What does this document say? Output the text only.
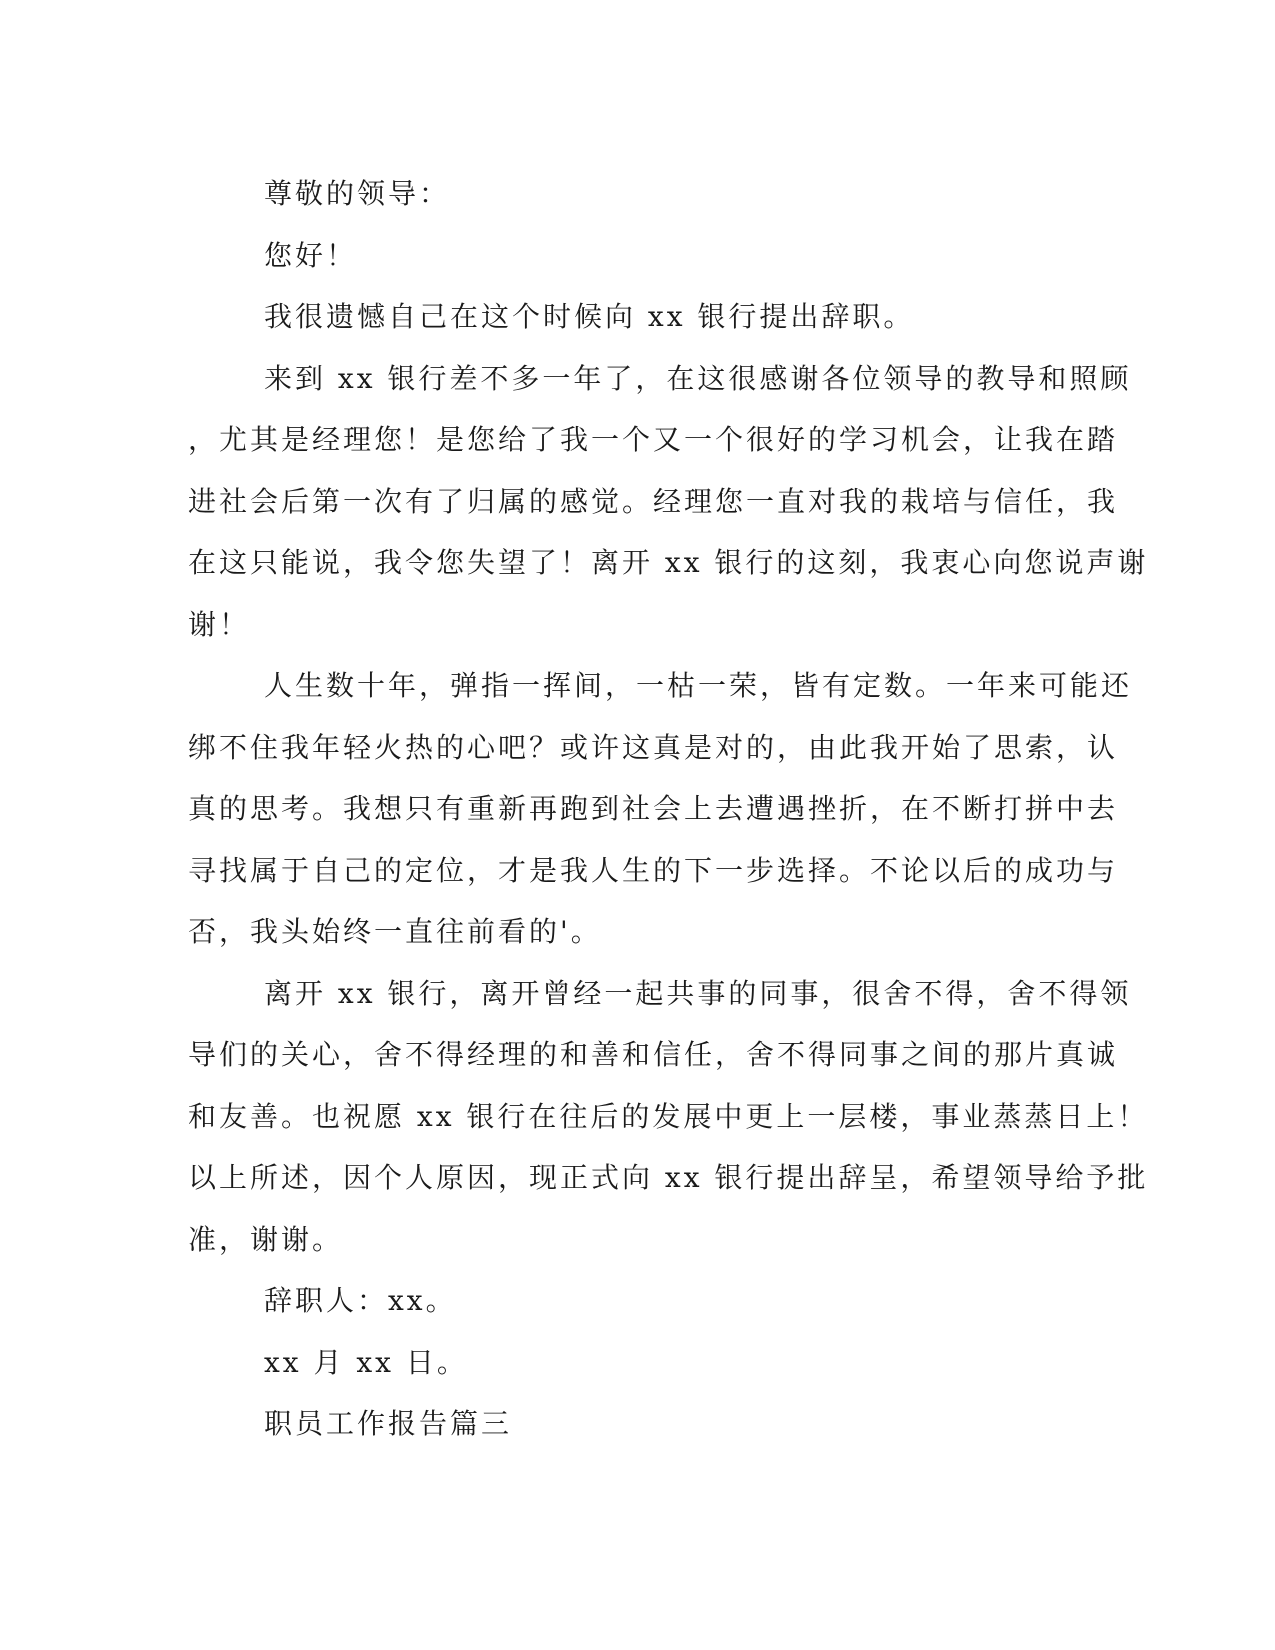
尊敬的领导：
您好！
我很遗憾自己在这个时候向 xx 银行提出辞职。
来到 xx 银行差不多一年了，在这很感谢各位领导的教导和照顾
，尤其是经理您！是您给了我一个又一个很好的学习机会，让我在踏
进社会后第一次有了归属的感觉。经理您一直对我的栽培与信任，我
在这只能说，我令您失望了！离开 xx 银行的这刻，我衷心向您说声谢
谢！
人生数十年，弹指一挥间，一枯一荣，皆有定数。一年来可能还
绑不住我年轻火热的心吧？或许这真是对的，由此我开始了思索，认
真的思考。我想只有重新再跑到社会上去遭遇挫折，在不断打拼中去
寻找属于自己的定位，才是我人生的下一步选择。不论以后的成功与
否，我头始终一直往前看的'。
离开 xx 银行，离开曾经一起共事的同事，很舍不得，舍不得领
导们的关心，舍不得经理的和善和信任，舍不得同事之间的那片真诚
和友善。也祝愿 xx 银行在往后的发展中更上一层楼，事业蒸蒸日上！
以上所述，因个人原因，现正式向 xx 银行提出辞呈，希望领导给予批
准，谢谢。
辞职人：xx。
xx 月 xx 日。
职员工作报告篇三
